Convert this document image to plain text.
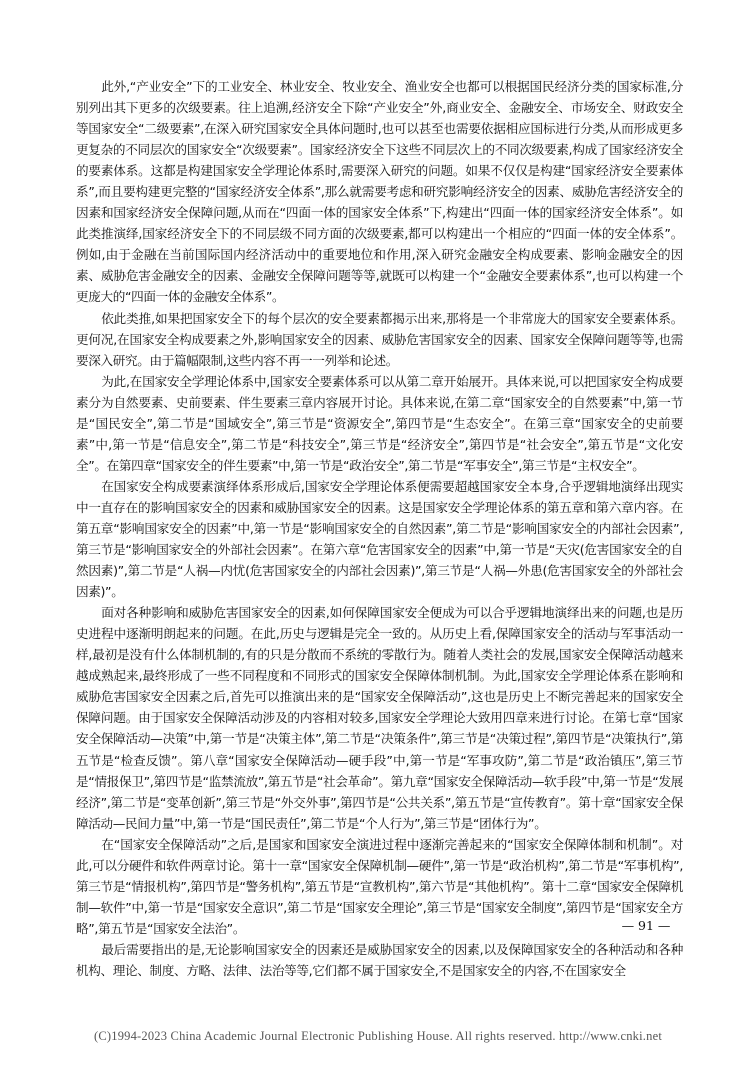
此外,“产业安全”下的工业安全、林业安全、牧业安全、渔业安全也都可以根据国民经济分类的国家标准,分别列出其下更多的次级要素。往上追溯,经济安全下除“产业安全”外,商业安全、金融安全、市场安全、财政安全等国家安全“二级要素”,在深入研究国家安全具体问题时,也可以甚至也需要依据相应国标进行分类,从而形成更多更复杂的不同层次的国家安全“次级要素”。国家经济安全下这些不同层次上的不同次级要素,构成了国家经济安全的要素体系。这都是构建国家安全学理论体系时,需要深入研究的问题。如果不仅仅是构建“国家经济安全要素体系”,而且要构建更完整的“国家经济安全体系”,那么就需要考虑和研究影响经济安全的因素、威胁危害经济安全的因素和国家经济安全保障问题,从而在“四面一体的国家安全体系”下,构建出“四面一体的国家经济安全体系”。如此类推演绎,国家经济安全下的不同层级不同方面的次级要素,都可以构建出一个相应的“四面一体的安全体系”。例如,由于金融在当前国际国内经济活动中的重要地位和作用,深入研究金融安全构成要素、影响金融安全的因素、威胁危害金融安全的因素、金融安全保障问题等等,就既可以构建一个“金融安全要素体系”,也可以构建一个更庞大的“四面一体的金融安全体系”。

依此类推,如果把国家安全下的每个层次的安全要素都揭示出来,那将是一个非常庞大的国家安全要素体系。更何况,在国家安全构成要素之外,影响国家安全的因素、威胁危害国家安全的因素、国家安全保障问题等等,也需要深入研究。由于篇幅限制,这些内容不再一一列举和论述。

为此,在国家安全学理论体系中,国家安全要素体系可以从第二章开始展开。具体来说,可以把国家安全构成要素分为自然要素、史前要素、伴生要素三章内容展开讨论。具体来说,在第二章“国家安全的自然要素”中,第一节是“国民安全”,第二节是“国域安全”,第三节是“资源安全”,第四节是“生态安全”。在第三章“国家安全的史前要素”中,第一节是“信息安全”,第二节是“科技安全”,第三节是“经济安全”,第四节是“社会安全”,第五节是“文化安全”。在第四章“国家安全的伴生要素”中,第一节是“政治安全”,第二节是“军事安全”,第三节是“主权安全”。

在国家安全构成要素演绎体系形成后,国家安全学理论体系便需要超越国家安全本身,合乎逻辑地演绎出现实中一直存在的影响国家安全的因素和威胁国家安全的因素。这是国家安全学理论体系的第五章和第六章内容。在第五章“影响国家安全的因素”中,第一节是“影响国家安全的自然因素”,第二节是“影响国家安全的内部社会因素”,第三节是“影响国家安全的外部社会因素”。在第六章“危害国家安全的因素”中,第一节是“天灾(危害国家安全的自然因素)”,第二节是“人祸—内忧(危害国家安全的内部社会因素)”,第三节是“人祸—外患(危害国家安全的外部社会因素)”。

面对各种影响和威胁危害国家安全的因素,如何保障国家安全便成为可以合乎逻辑地演绎出来的问题,也是历史进程中逐渐明朗起来的问题。在此,历史与逻辑是完全一致的。从历史上看,保障国家安全的活动与军事活动一样,最初是没有什么体制机制的,有的只是分散而不系统的零散行为。随着人类社会的发展,国家安全保障活动越来越成熟起来,最终形成了一些不同程度和不同形式的国家安全保障体制机制。为此,国家安全学理论体系在影响和威胁危害国家安全因素之后,首先可以推演出来的是“国家安全保障活动”,这也是历史上不断完善起来的国家安全保障问题。由于国家安全保障活动涉及的内容相对较多,国家安全学理论大致用四章来进行讨论。在第七章“国家安全保障活动—决策”中,第一节是“决策主体”,第二节是“决策条件”,第三节是“决策过程”,第四节是“决策执行”,第五节是“检查反馈”。第八章“国家安全保障活动—硬手段”中,第一节是“军事攻防”,第二节是“政治镇压”,第三节是“情报保卫”,第四节是“监禁流放”,第五节是“社会革命”。第九章“国家安全保障活动—软手段”中,第一节是“发展经济”,第二节是“变革创新”,第三节是“外交外事”,第四节是“公共关系”,第五节是“宣传教育”。第十章“国家安全保障活动—民间力量”中,第一节是“国民责任”,第二节是“个人行为”,第三节是“团体行为”。

在“国家安全保障活动”之后,是国家和国家安全演进过程中逐渐完善起来的“国家安全保障体制和机制”。对此,可以分硬件和软件两章讨论。第十一章“国家安全保障机制—硬件”,第一节是“政治机构”,第二节是“军事机构”,第三节是“情报机构”,第四节是“警务机构”,第五节是“宣教机构”,第六节是“其他机构”。第十二章“国家安全保障机制—软件”中,第一节是“国家安全意识”,第二节是“国家安全理论”,第三节是“国家安全制度”,第四节是“国家安全方略”,第五节是“国家安全法治”。

最后需要指出的是,无论影响国家安全的因素还是威胁国家安全的因素,以及保障国家安全的各种活动和各种机构、理论、制度、方略、法律、法治等等,它们都不属于国家安全,不是国家安全的内容,不在国家安全

— 91 —
(C)1994-2023 China Academic Journal Electronic Publishing House. All rights reserved. http://www.cnki.net
